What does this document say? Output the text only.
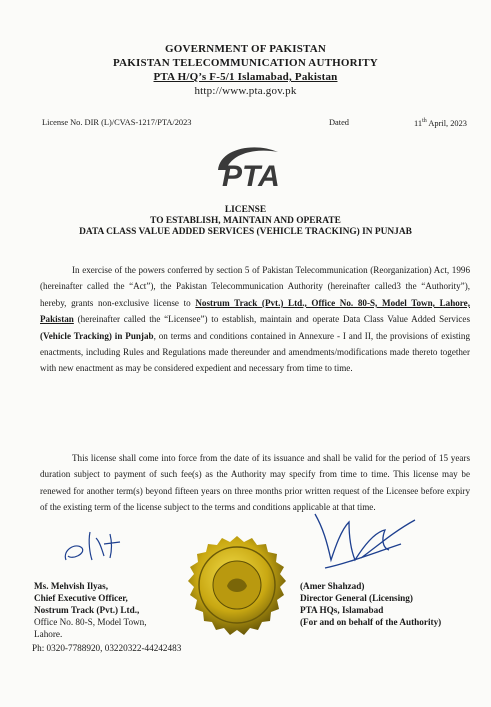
GOVERNMENT OF PAKISTAN
PAKISTAN TELECOMMUNICATION AUTHORITY
PTA H/Q’s F-5/1 Islamabad, Pakistan
http://www.pta.gov.pk
License No. DIR (L)/CVAS-1217/PTA/2023	Dated	11th April, 2023
PTA
LICENSE
TO ESTABLISH, MAINTAIN AND OPERATE
DATA CLASS VALUE ADDED SERVICES (VEHICLE TRACKING) IN PUNJAB

In exercise of the powers conferred by section 5 of Pakistan Telecommunication (Reorganization) Act, 1996 (hereinafter called the “Act”), the Pakistan Telecommunication Authority (hereinafter called3 the “Authority”), hereby, grants non-exclusive license to Nostrum Track (Pvt.) Ltd., Office No. 80-S, Model Town, Lahore, Pakistan (hereinafter called the “Licensee”) to establish, maintain and operate Data Class Value Added Services (Vehicle Tracking) in Punjab, on terms and conditions contained in Annexure - I and II, the provisions of existing enactments, including Rules and Regulations made thereunder and amendments/modifications made thereto together with new enactment as may be considered expedient and necessary from time to time.

This license shall come into force from the date of its issuance and shall be valid for the period of 15 years duration subject to payment of such fee(s) as the Authority may specify from time to time. This license may be renewed for another term(s) beyond fifteen years on three months prior written request of the Licensee before expiry of the existing term of the license subject to the terms and conditions applicable at that time.

Ms. Mehvish Ilyas,
Chief Executive Officer,
Nostrum Track (Pvt.) Ltd.,
Office No. 80-S, Model Town,
Lahore.
Ph: 0320-7788920, 03220322-44242483
(Amer Shahzad)
Director General (Licensing)
PTA HQs, Islamabad
(For and on behalf of the Authority)
